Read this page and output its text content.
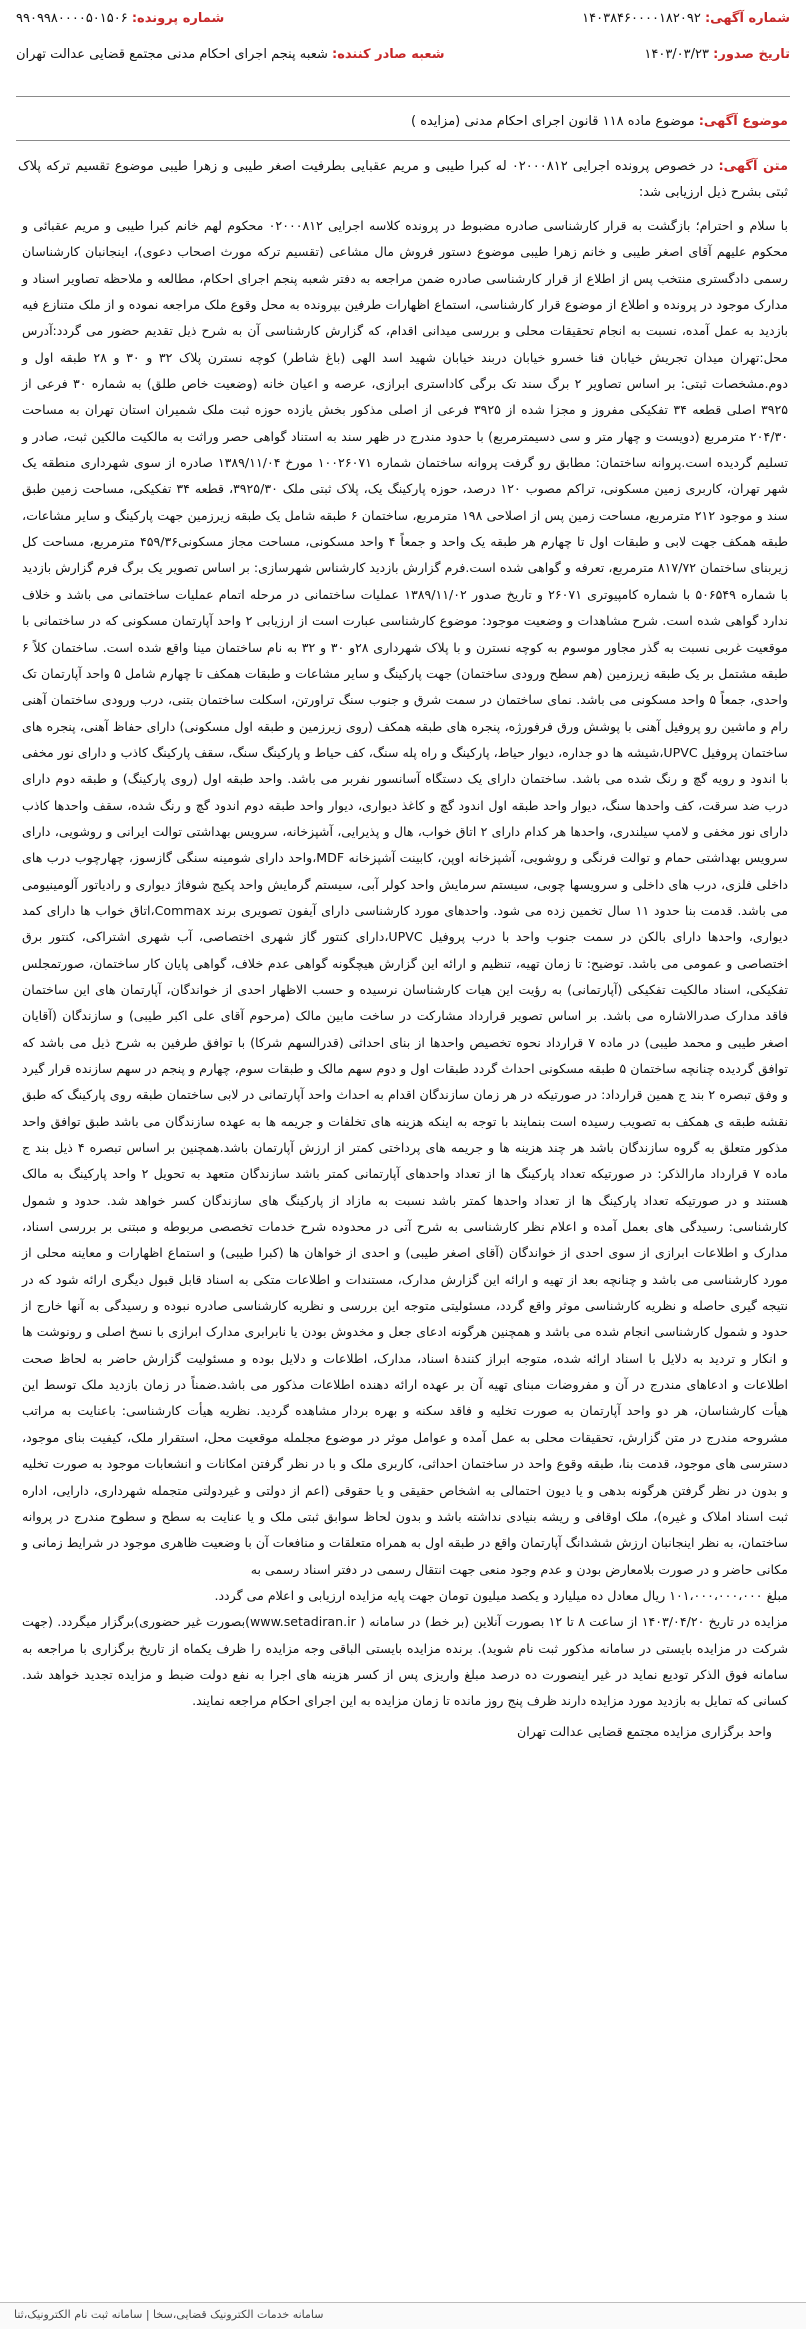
شماره آگهی: ۱۴۰۳۸۴۶۰۰۰۰۱۸۲۰۹۲
شماره پرونده: ۹۹۰۹۹۸۰۰۰۰۵۰۱۵۰۶
تاریخ صدور: ۱۴۰۳/۰۳/۲۳
شعبه صادر کننده: شعبه پنجم اجرای احکام مدنی مجتمع قضایی عدالت تهران
موضوع آگهی: موضوع ماده ۱۱۸ قانون اجرای احکام مدنی (مزایده )
متن آگهی: در خصوص پرونده اجرایی ۰۲۰۰۰۸۱۲ له کبرا طیبی و مریم عقبایی بطرفیت اصغر طیبی و زهرا طیبی موضوع تقسیم ترکه پلاک ثبتی بشرح ذیل ارزیابی شد:

با سلام و احترام؛ بازگشت به قرار کارشناسی صادره مضبوط در پرونده کلاسه اجرایی ۰۲۰۰۰۸۱۲ محکوم لهم خانم کبرا طیبی و مریم عقبائی و محکوم علیهم آقای اصغر طیبی و خانم زهرا طیبی موضوع دستور فروش مال مشاعی (تقسیم ترکه مورث اصحاب دعوی)، اینجانبان کارشناسان رسمی دادگستری منتخب پس از اطلاع از قرار کارشناسی صادره ضمن مراجعه به دفتر شعبه پنجم اجرای احکام، مطالعه و ملاحظه تصاویر اسناد و مدارک موجود در پرونده و اطلاع از موضوع قرار کارشناسی، استماع اظهارات طرفین بپرونده به محل وقوع ملک مراجعه نموده و از ملک متنازع فیه بازدید به عمل آمده، نسبت به انجام تحقیقات محلی و بررسی میدانی اقدام، که گزارش کارشناسی آن به شرح ذیل تقدیم حضور می گردد:آدرس محل:تهران میدان تجریش خیابان فنا خسرو خیابان دربند خیابان شهید اسد الهی (باغ شاطر) کوچه نسترن پلاک ۳۲ و ۳۰ و ۲۸ طبقه اول و دوم.مشخصات ثبتی: بر اساس تصاویر ۲ برگ سند تک برگی کاداستری ابرازی، عرصه و اعیان خانه (وضعیت خاص طلق) به شماره ۳۰ فرعی از ۳۹۲۵ اصلی قطعه ۳۴ تفکیکی مفروز و مجزا شده از ۳۹۲۵ فرعی از اصلی مذکور بخش یازده حوزه ثبت ملک شمیران استان تهران به مساحت ۲۰۴/۳۰ مترمربع (دویست و چهار متر و سی دسیمترمربع) با حدود مندرج در ظهر سند به استناد گواهی حصر وراثت به مالکیت مالکین ثبت، صادر و تسلیم گردیده است.پروانه ساختمان: مطابق رو گرفت پروانه ساختمان شماره ۱۰۰۲۶۰۷۱ مورخ ۱۳۸۹/۱۱/۰۴ صادره از سوی شهرداری منطقه یک شهر تهران، کاربری زمین مسکونی، تراکم مصوب ۱۲۰ درصد، حوزه پارکینگ یک، پلاک ثبتی ملک ۳۹۲۵/۳۰، قطعه ۳۴ تفکیکی، مساحت زمین طبق سند و موجود ۲۱۲ مترمربع، مساحت زمین پس از اصلاحی ۱۹۸ مترمربع، ساختمان ۶ طبقه شامل یک طبقه زیرزمین جهت پارکینگ و سایر مشاعات، طبقه همکف جهت لابی و طبقات اول تا چهارم هر طبقه یک واحد و جمعاً ۴ واحد مسکونی، مساحت مجاز مسکونی۴۵۹/۳۶ مترمربع، مساحت کل زیربنای ساختمان ۸۱۷/۷۲ مترمربع، تعرفه و گواهی شده است.فرم گزارش بازدید کارشناس شهرسازی: بر اساس تصویر یک برگ فرم گزارش بازدید با شماره ۵۰۶۵۴۹ با شماره کامپیوتری ۲۶۰۷۱ و تاریخ صدور ۱۳۸۹/۱۱/۰۲ عملیات ساختمانی در مرحله اتمام عملیات ساختمانی می باشد و خلاف ندارد گواهی شده است. شرح مشاهدات و وضعیت موجود: موضوع کارشناسی عبارت است از ارزیابی ۲ واحد آپارتمان مسکونی که در ساختمانی با موقعیت غربی نسبت به گذر مجاور موسوم به کوچه نسترن و با پلاک شهرداری ۲۸و ۳۰ و ۳۲ به نام ساختمان مینا واقع شده است. ساختمان کلاً ۶ طبقه مشتمل بر یک طبقه زیرزمین (هم سطح ورودی ساختمان) جهت پارکینگ و سایر مشاعات و طبقات همکف تا چهارم شامل ۵ واحد آپارتمان تک واحدی، جمعاً ۵ واحد مسکونی می باشد. نمای ساختمان در سمت شرق و جنوب سنگ تراورتن، اسکلت ساختمان بتنی، درب ورودی ساختمان آهنی رام و ماشین رو پروفیل آهنی با پوشش ورق فرفورژه، پنجره های طبقه همکف (روی زیرزمین و طبقه اول مسکونی) دارای حفاظ آهنی، پنجره های ساختمان پروفیل UPVC،شیشه ها دو جداره، دیوار حیاط، پارکینگ و راه پله سنگ، کف حیاط و پارکینگ سنگ، سقف پارکینگ کاذب و دارای نور مخفی با اندود و رویه گچ و رنگ شده می باشد. ساختمان دارای یک دستگاه آسانسور نفربر می باشد. واحد طبقه اول (روی پارکینگ) و طبقه دوم دارای درب ضد سرقت، کف واحدها سنگ، دیوار واحد طبقه اول اندود گچ و کاغذ دیواری، دیوار واحد طبقه دوم اندود گچ و رنگ شده، سقف واحدها کاذب دارای نور مخفی و لامپ سیلندری، واحدها هر کدام دارای ۲ اتاق خواب، هال و پذیرایی، آشپزخانه، سرویس بهداشتی توالت ایرانی و روشویی، دارای سرویس بهداشتی حمام و توالت فرنگی و روشویی، آشپزخانه اوپن، کابینت آشپزخانه MDF،واحد دارای شومینه سنگی گازسوز، چهارچوب درب های داخلی فلزی، درب های داخلی و سرویسها چوبی، سیستم سرمایش واحد کولر آبی، سیستم گرمایش واحد پکیج شوفاژ دیواری و رادیاتور آلومینیومی می باشد. قدمت بنا حدود ۱۱ سال تخمین زده می شود. واحدهای مورد کارشناسی دارای آیفون تصویری برند Commax،اتاق خواب ها دارای کمد دیواری، واحدها دارای بالکن در سمت جنوب واحد با درب پروفیل UPVC،دارای کنتور گاز شهری اختصاصی، آب شهری اشتراکی، کنتور برق اختصاصی و عمومی می باشد. توضیح: تا زمان تهیه، تنظیم و ارائه این گزارش هیچگونه گواهی عدم خلاف، گواهی پایان کار ساختمان، صورتمجلس تفکیکی، اسناد مالکیت تفکیکی (آپارتمانی) به رؤیت این هیات کارشناسان نرسیده و حسب الاظهار احدی از خواندگان، آپارتمان های این ساختمان فاقد مدارک صدرالاشاره می باشد. بر اساس تصویر قرارداد مشارکت در ساخت مابین مالک (مرحوم آقای علی اکبر طیبی) و سازندگان (آقایان اصغر طیبی و محمد طیبی) در ماده ۷ قرارداد نحوه تخصیص واحدها از بنای احداثی (قدرالسهم شرکا) با توافق طرفین به شرح ذیل می باشد که توافق گردیده چنانچه ساختمان ۵ طبقه مسکونی احداث گردد طبقات اول و دوم سهم مالک و طبقات سوم، چهارم و پنجم در سهم سازنده قرار گیرد و وفق تبصره ۲ بند ج همین قرارداد: در صورتیکه در هر زمان سازندگان اقدام به احداث واحد آپارتمانی در لابی ساختمان طبقه روی پارکینگ که طبق نقشه طبقه ی همکف به تصویب رسیده است بنمایند با توجه به اینکه هزینه های تخلفات و جریمه ها به عهده سازندگان می باشد طبق توافق واحد مذکور متعلق به گروه سازندگان باشد هر چند هزینه ها و جریمه های پرداختی کمتر از ارزش آپارتمان باشد.همچنین بر اساس تبصره ۴ ذیل بند ج ماده ۷ قرارداد مارالذکر: در صورتیکه تعداد پارکینگ ها از تعداد واحدهای آپارتمانی کمتر باشد سازندگان متعهد به تحویل ۲ واحد پارکینگ به مالک هستند و در صورتیکه تعداد پارکینگ ها از تعداد واحدها کمتر باشد نسبت به مازاد از پارکینگ های سازندگان کسر خواهد شد. حدود و شمول کارشناسی: رسیدگی های بعمل آمده و اعلام نظر کارشناسی به شرح آتی در محدوده شرح خدمات تخصصی مربوطه و مبتنی بر بررسی اسناد، مدارک و اطلاعات ابرازی از سوی احدی از خواندگان (آقای اصغر طیبی) و احدی از خواهان ها (کبرا طیبی) و استماع اظهارات و معاینه محلی از مورد کارشناسی می باشد و چنانچه بعد از تهیه و ارائه این گزارش مدارک، مستندات و اطلاعات متکی به اسناد قابل قبول دیگری ارائه شود که در نتیجه گیری حاصله و نظریه کارشناسی موثر واقع گردد، مسئولیتی متوجه این بررسی و نظریه کارشناسی صادره نبوده و رسیدگی به آنها خارج از حدود و شمول کارشناسی انجام شده می باشد و همچنین هرگونه ادعای جعل و مخدوش بودن یا نابرابری مدارک ابرازی با نسخ اصلی و رونوشت ها و انکار و تردید به دلایل با اسناد ارائه شده، متوجه ابراز کنندۀ اسناد، مدارک، اطلاعات و دلایل بوده و مسئولیت گزارش حاضر به لحاظ صحت اطلاعات و ادعاهای مندرج در آن و مفروضات مبنای تهیه آن بر عهده ارائه دهنده اطلاعات مذکور می باشد.ضمناً در زمان بازدید ملک توسط این هیأت کارشناسان، هر دو واحد آپارتمان به صورت تخلیه و فاقد سکنه و بهره بردار مشاهده گردید. نظریه هیأت کارشناسی: باعنایت به مراتب مشروحه مندرج در متن گزارش، تحقیقات محلی به عمل آمده و عوامل موثر در موضوع مجلمله موقعیت محل، استقرار ملک، کیفیت بنای موجود، دسترسی های موجود، قدمت بنا، طبقه وقوع واحد در ساختمان احداثی، کاربری ملک و با در نظر گرفتن امکانات و انشعابات موجود به صورت تخلیه و بدون در نظر گرفتن هرگونه بدهی و یا دیون احتمالی به اشخاص حقیقی و یا حقوقی (اعم از دولتی و غیردولتی متجمله شهرداری، دارایی، اداره ثبت اسناد املاک و غیره)، ملک اوقافی و ریشه بنیادی نداشته باشد و بدون لحاظ سوابق ثبتی ملک و یا عنایت به سطح و سطوح مندرج در پروانه ساختمان، به نظر اینجانبان ارزش ششدانگ آپارتمان واقع در طبقه اول به همراه متعلقات و منافعات آن با وضعیت ظاهری موجود در شرایط زمانی و مکانی حاضر و در صورت بلامعارض بودن و عدم وجود منعی جهت انتقال رسمی در دفتر اسناد رسمی به

مبلغ ۱۰۱،۰۰۰،۰۰۰،۰۰۰ ریال معادل ده میلیارد و یکصد میلیون تومان جهت پایه مزایده ارزیابی و اعلام می گردد.

مزایده در تاریخ ۱۴۰۳/۰۴/۲۰ از ساعت ۸ تا ۱۲ بصورت آنلاین (بر خط) در سامانه ( www.setadiran.ir)بصورت غیر حضوری)برگزار میگردد. (جهت شرکت در مزایده بایستی در سامانه مذکور ثبت نام شوید). برنده مزایده بایستی الباقی وجه مزایده را ظرف یکماه از تاریخ برگزاری با مراجعه به سامانه فوق الذکر تودیع نماید در غیر اینصورت ده درصد مبلغ واریزی پس از کسر هزینه های اجرا به نفع دولت ضبط و مزایده تجدید خواهد شد. کسانی که تمایل به بازدید مورد مزایده دارند ظرف پنج روز مانده تا زمان مزایده به این اجرای احکام مراجعه نمایند.

واحد برگزاری مزایده مجتمع قضایی عدالت تهران

سامانه خدمات الکترونیک قضایی،سخا | سامانه ثبت نام الکترونیک،ثنا
